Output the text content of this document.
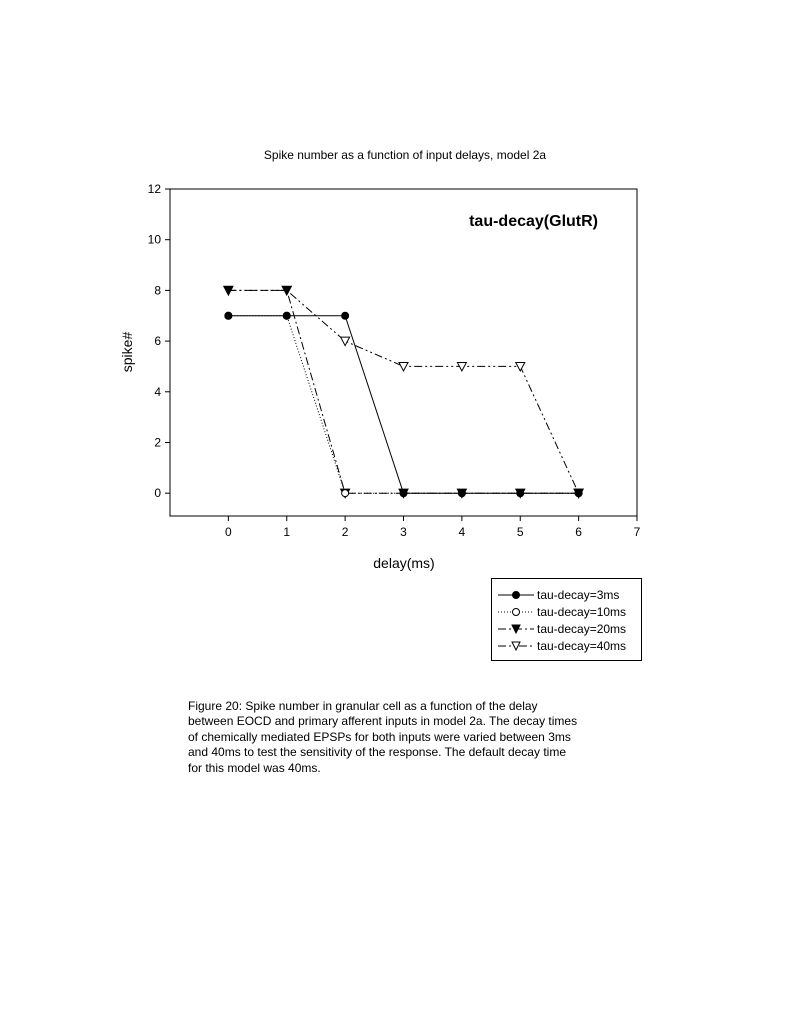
Spike number as a function of input delays, model 2a
0	1	2	3	4	5	6	7
0
2
4
6
8
10
12
tau-decay(GlutR)
delay(ms)
spike#
tau-decay=3ms
tau-decay=10ms
tau-decay=20ms
tau-decay=40ms
Figure 20: Spike number in granular cell as a function of the delay
between EOCD and primary afferent inputs in model 2a. The decay times
of chemically mediated EPSPs for both inputs were varied between 3ms
and 40ms to test the sensitivity of the response. The default decay time
for this model was 40ms.
